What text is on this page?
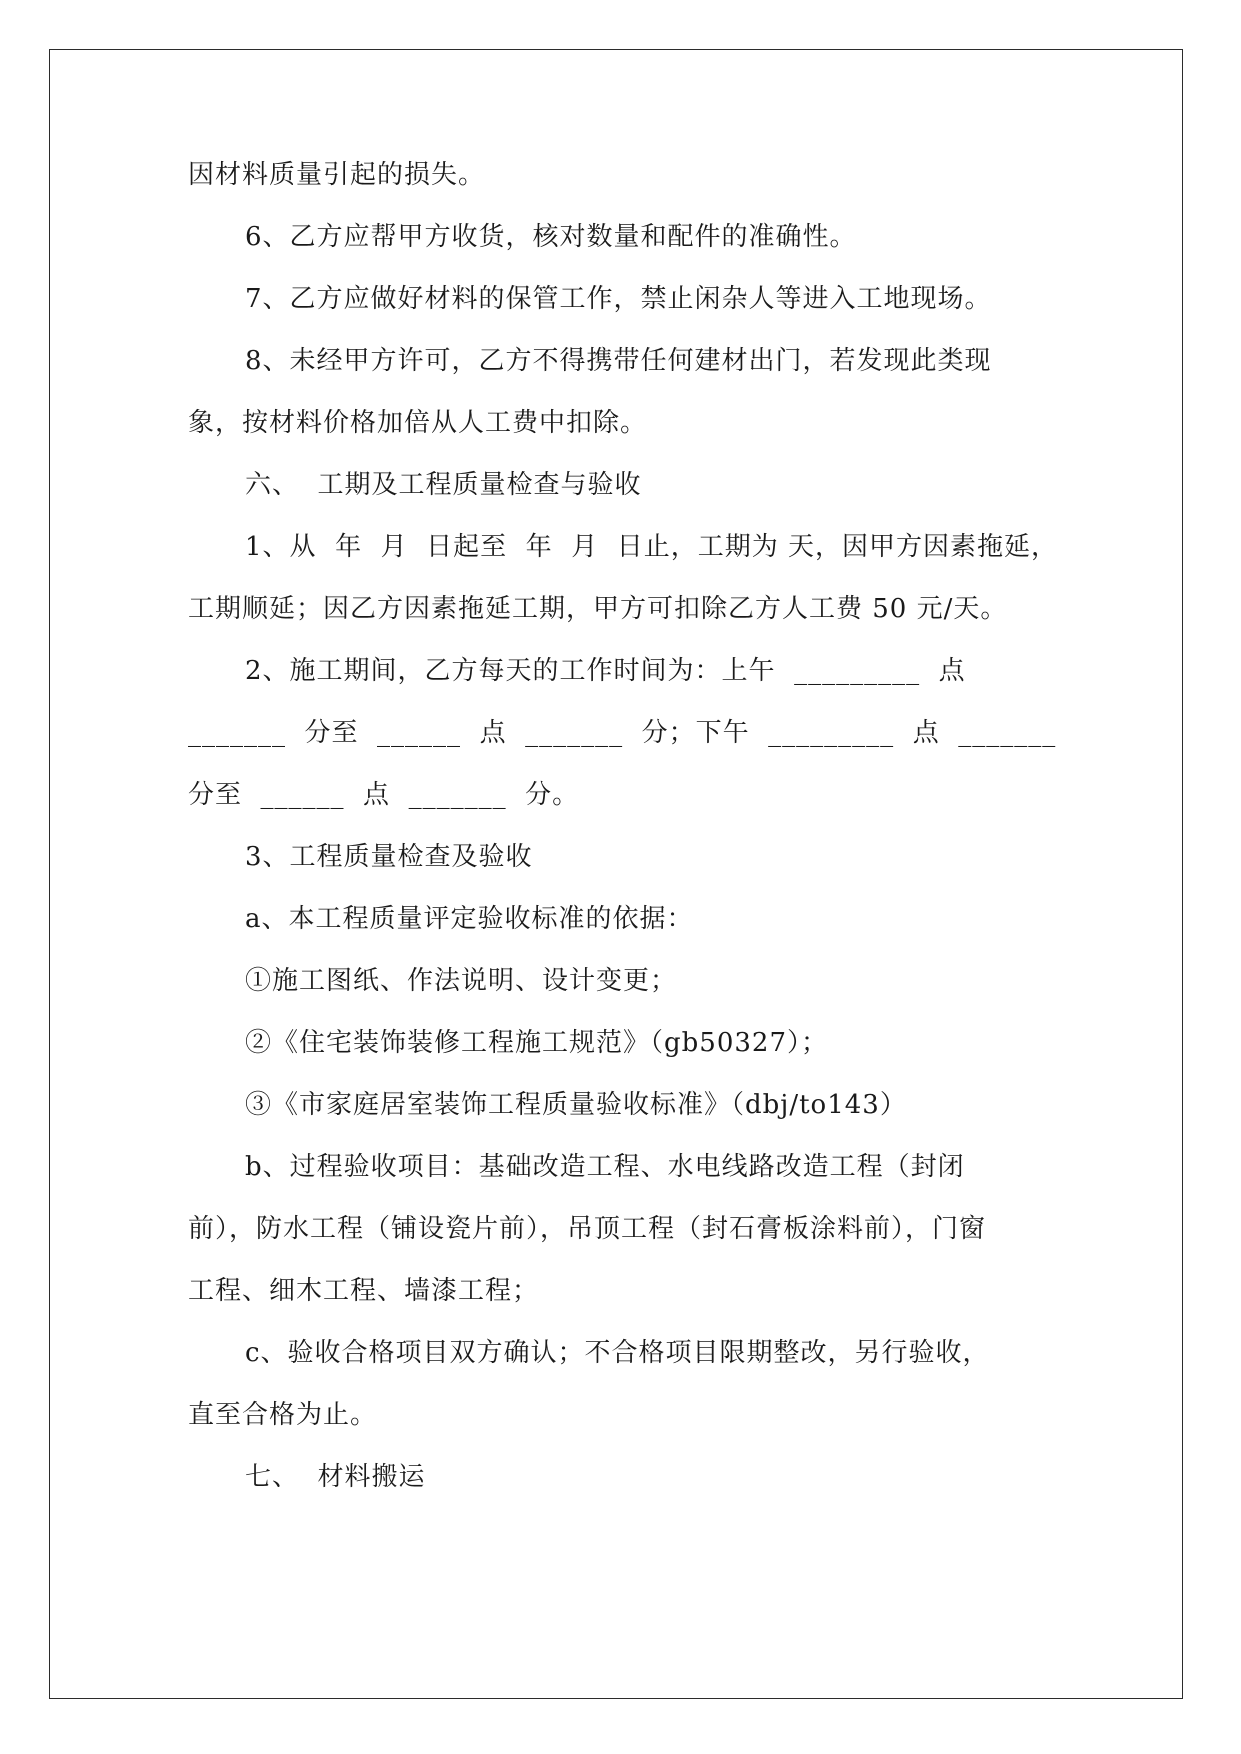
因材料质量引起的损失。
6、乙方应帮甲方收货，核对数量和配件的准确性。
7、乙方应做好材料的保管工作，禁止闲杂人等进入工地现场。
8、未经甲方许可，乙方不得携带任何建材出门，若发现此类现
象，按材料价格加倍从人工费中扣除。
六、  工期及工程质量检查与验收
1、从  年  月  日起至  年  月  日止，工期为 天，因甲方因素拖延，
工期顺延；因乙方因素拖延工期，甲方可扣除乙方人工费 50 元/天。
2、施工期间，乙方每天的工作时间为：上午  _________  点
_______  分至  ______  点  _______  分；下午  _________  点  _______
分至  ______  点  _______  分。
3、工程质量检查及验收
a、本工程质量评定验收标准的依据：
①施工图纸、作法说明、设计变更；
②《住宅装饰装修工程施工规范》（gb50327）；
③《市家庭居室装饰工程质量验收标准》（dbj/to143）
b、过程验收项目：基础改造工程、水电线路改造工程（封闭
前），防水工程（铺设瓷片前），吊顶工程（封石膏板涂料前），门窗
工程、细木工程、墙漆工程；
c、验收合格项目双方确认；不合格项目限期整改，另行验收，
直至合格为止。
七、  材料搬运
